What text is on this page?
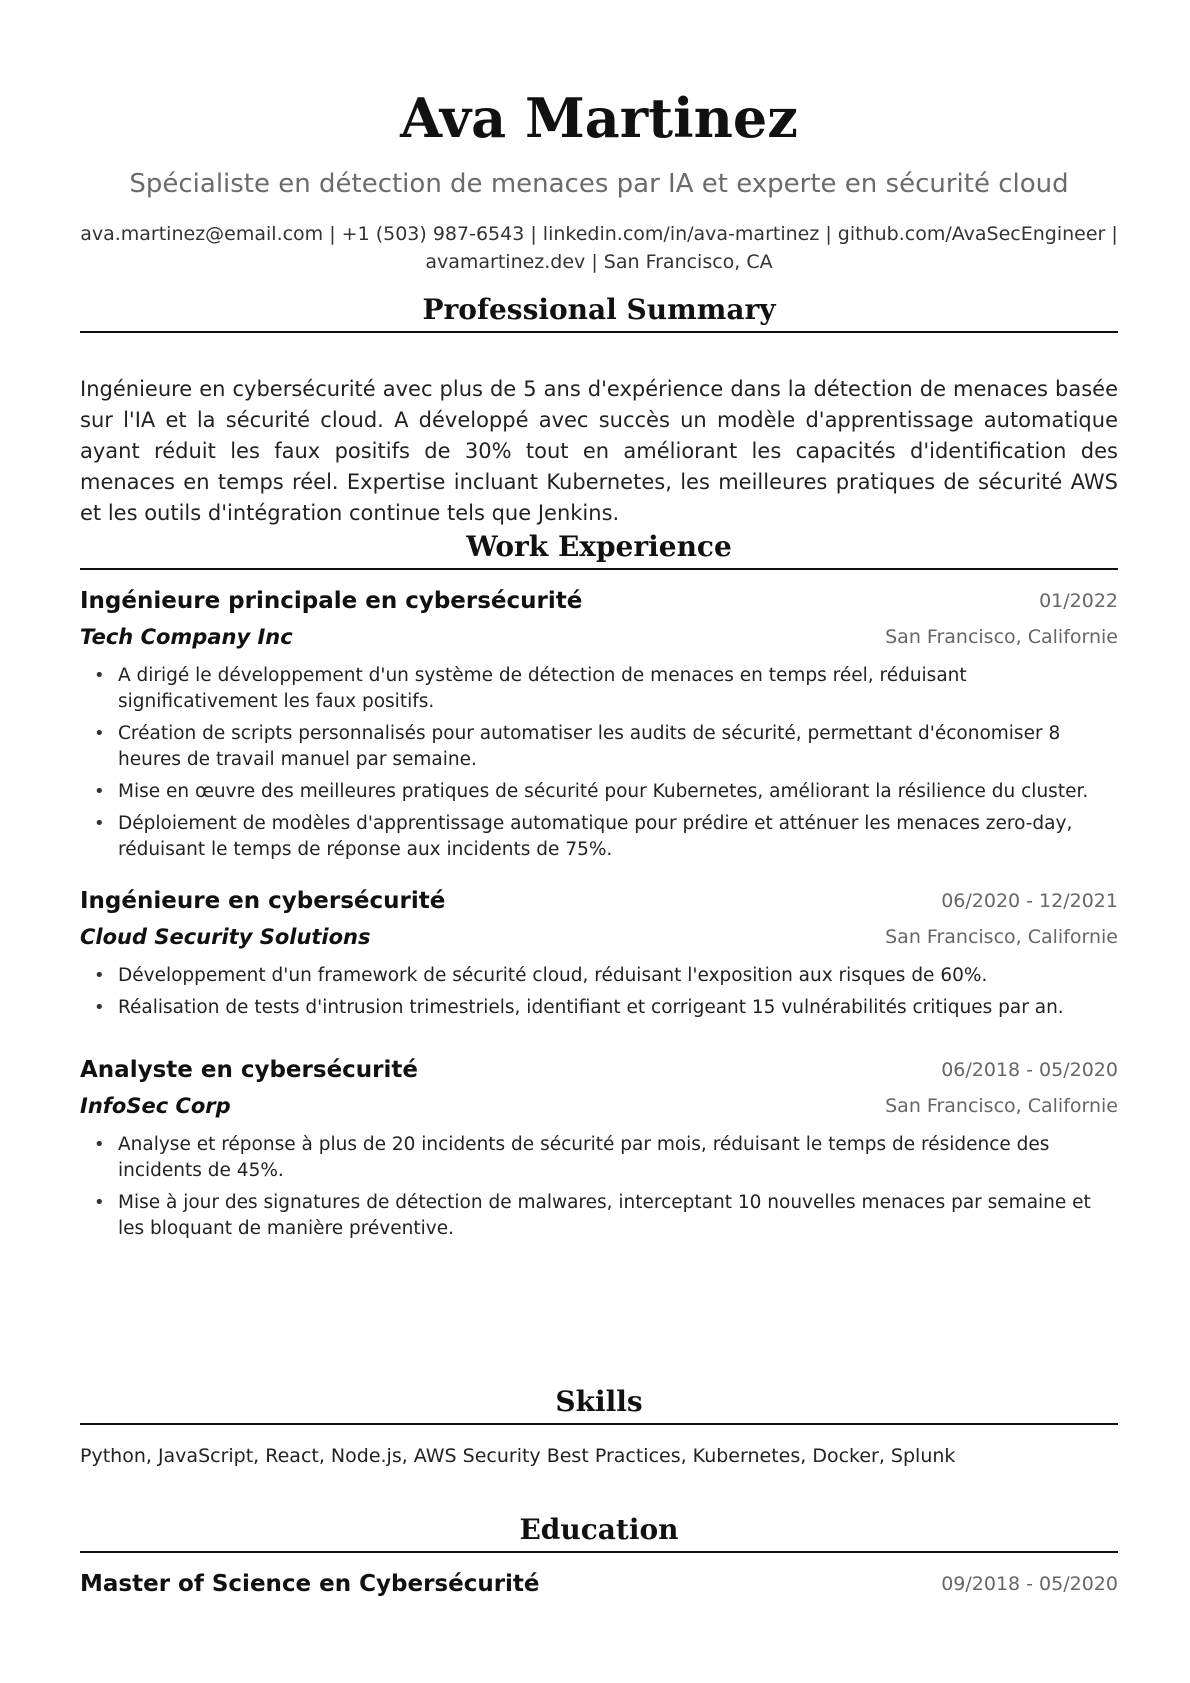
Ava Martinez
Spécialiste en détection de menaces par IA et experte en sécurité cloud
ava.martinez@email.com | +1 (503) 987-6543 | linkedin.com/in/ava-martinez | github.com/AvaSecEngineer |
avamartinez.dev | San Francisco, CA
Professional Summary
Ingénieure en cybersécurité avec plus de 5 ans d'expérience dans la détection de menaces basée sur l'IA et la sécurité cloud. A développé avec succès un modèle d'apprentissage automatique ayant réduit les faux positifs de 30% tout en améliorant les capacités d'identification des menaces en temps réel. Expertise incluant Kubernetes, les meilleures pratiques de sécurité AWS et les outils d'intégration continue tels que Jenkins.
Work Experience
Ingénieure principale en cybersécurité	01/2022
Tech Company Inc	San Francisco, Californie
• A dirigé le développement d'un système de détection de menaces en temps réel, réduisant significativement les faux positifs.
• Création de scripts personnalisés pour automatiser les audits de sécurité, permettant d'économiser 8 heures de travail manuel par semaine.
• Mise en œuvre des meilleures pratiques de sécurité pour Kubernetes, améliorant la résilience du cluster.
• Déploiement de modèles d'apprentissage automatique pour prédire et atténuer les menaces zero-day, réduisant le temps de réponse aux incidents de 75%.
Ingénieure en cybersécurité	06/2020 - 12/2021
Cloud Security Solutions	San Francisco, Californie
• Développement d'un framework de sécurité cloud, réduisant l'exposition aux risques de 60%.
• Réalisation de tests d'intrusion trimestriels, identifiant et corrigeant 15 vulnérabilités critiques par an.
Analyste en cybersécurité	06/2018 - 05/2020
InfoSec Corp	San Francisco, Californie
• Analyse et réponse à plus de 20 incidents de sécurité par mois, réduisant le temps de résidence des incidents de 45%.
• Mise à jour des signatures de détection de malwares, interceptant 10 nouvelles menaces par semaine et les bloquant de manière préventive.
Skills
Python, JavaScript, React, Node.js, AWS Security Best Practices, Kubernetes, Docker, Splunk
Education
Master of Science en Cybersécurité	09/2018 - 05/2020
